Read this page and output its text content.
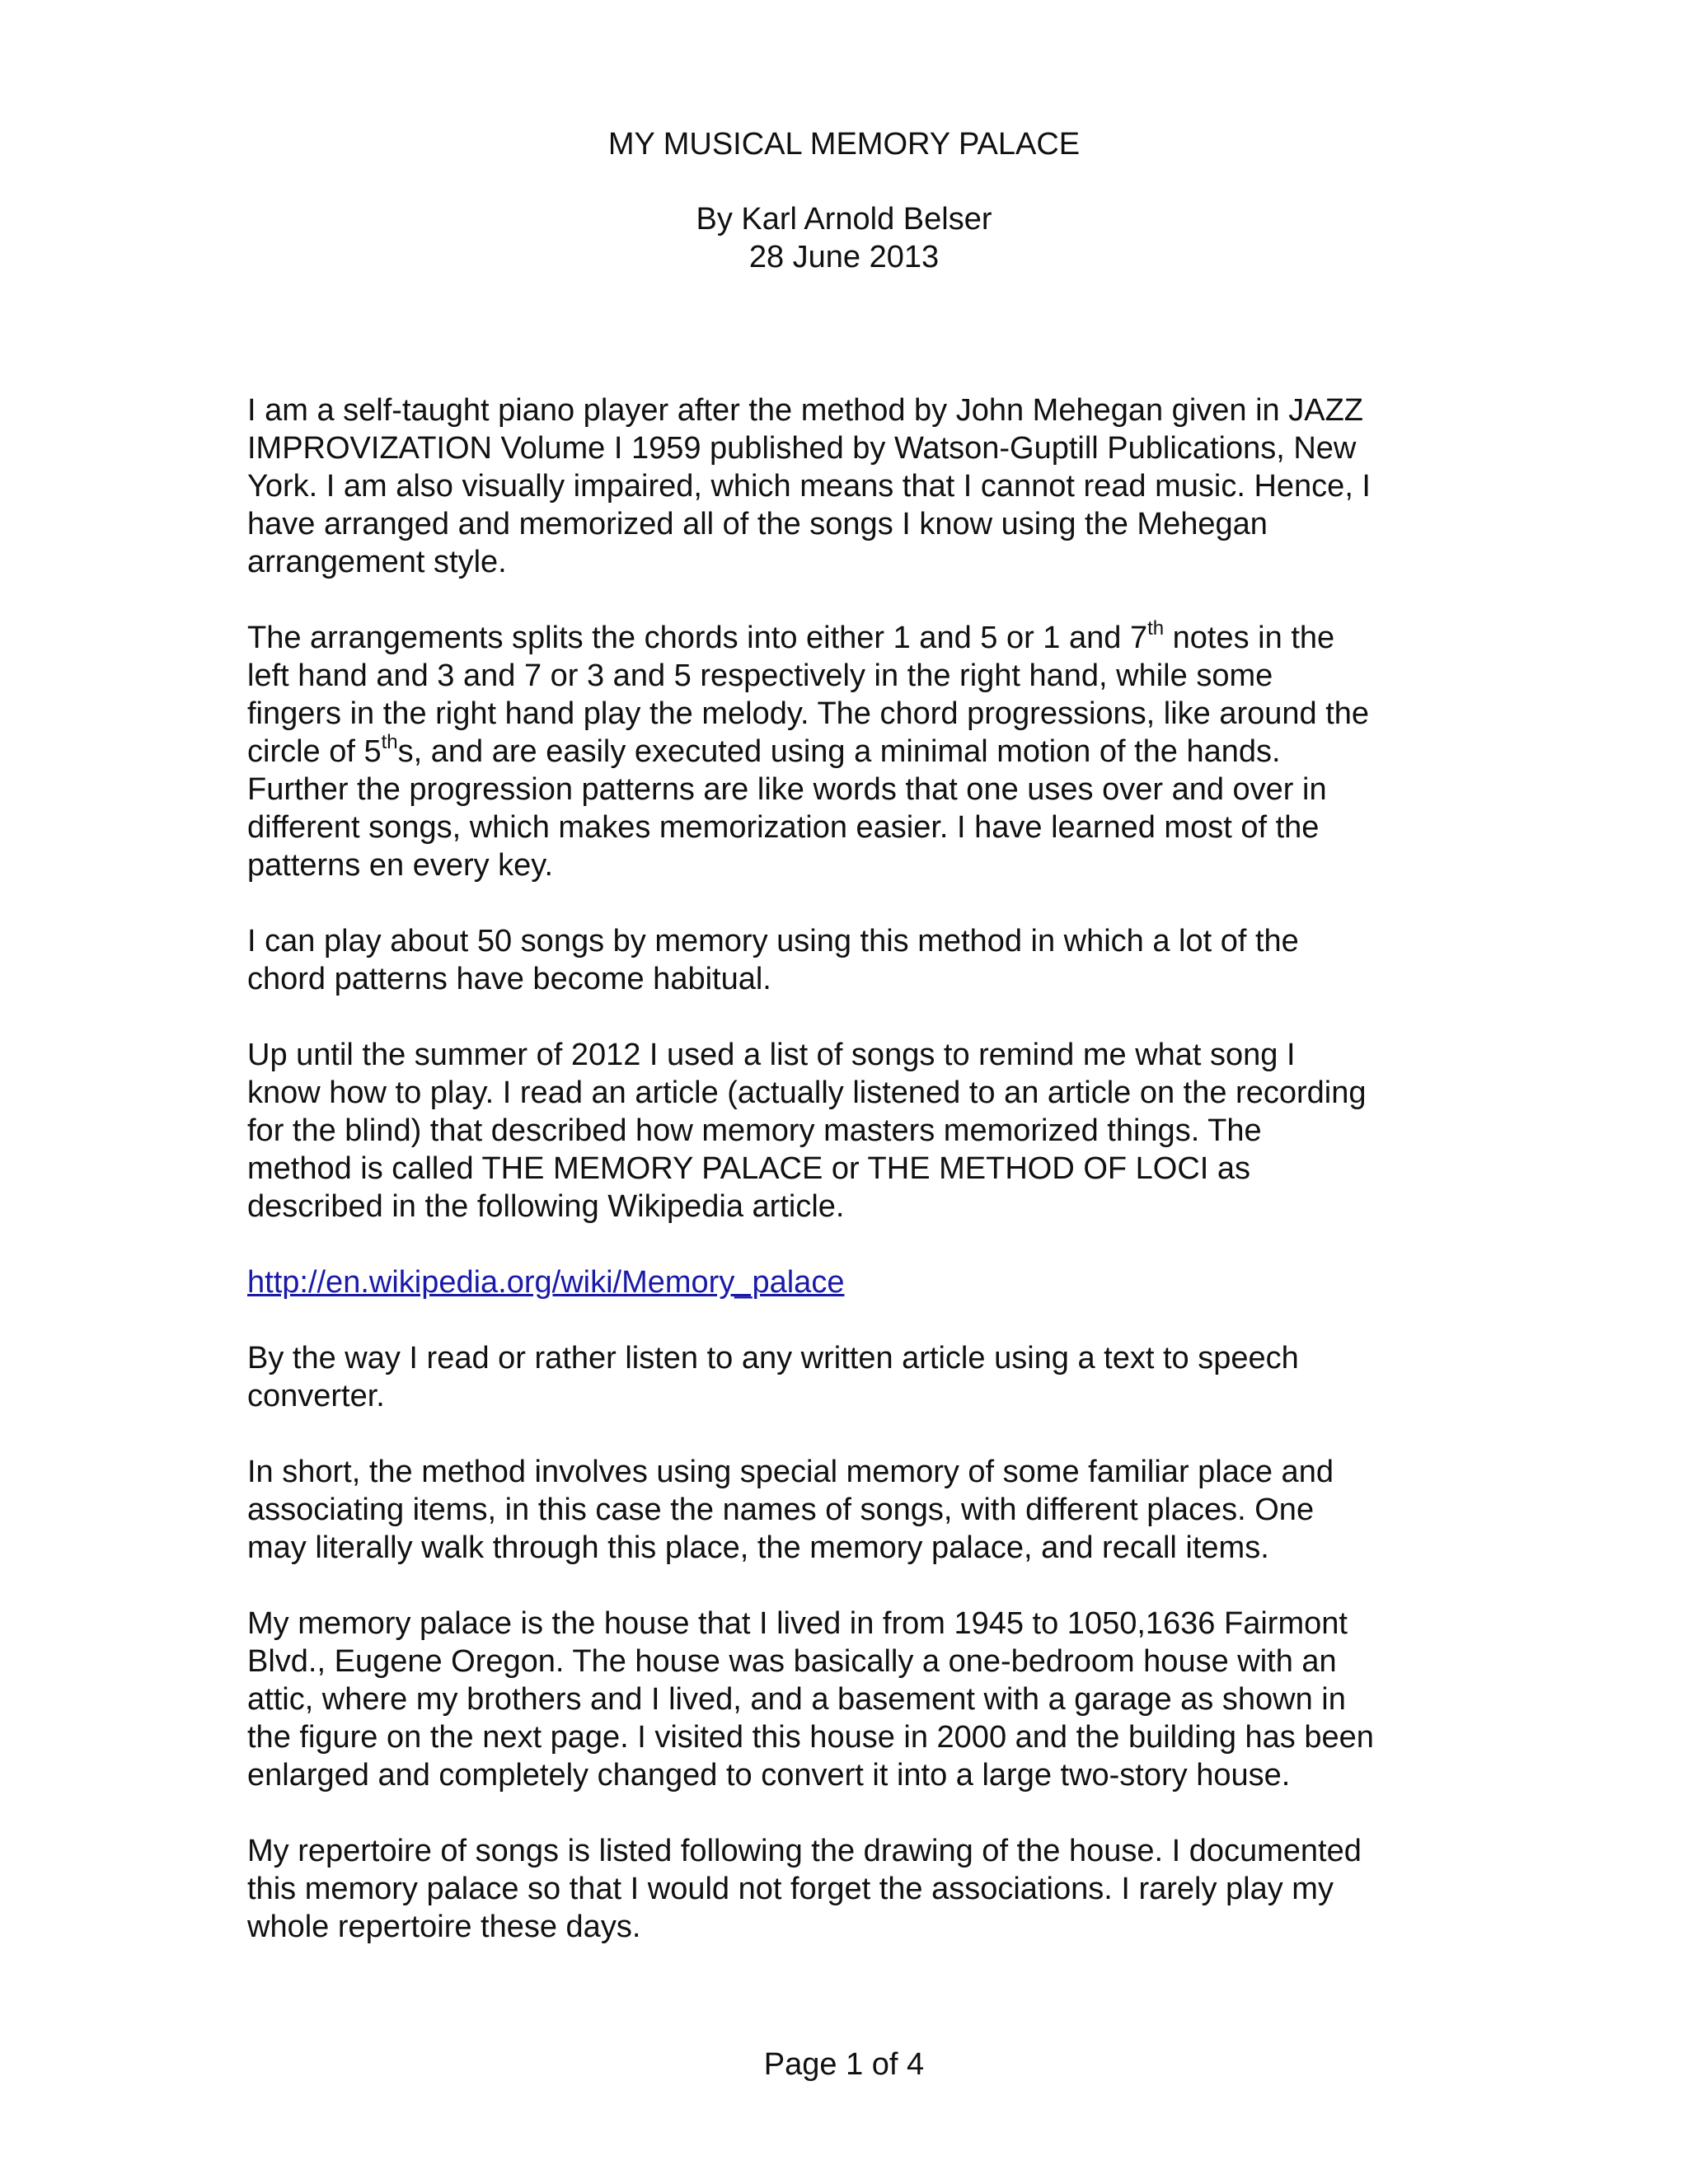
MY MUSICAL MEMORY PALACE
By Karl Arnold Belser
28 June 2013

I am a self-taught piano player after the method by John Mehegan given in JAZZ
IMPROVIZATION Volume I 1959 published by Watson-Guptill Publications, New
York. I am also visually impaired, which means that I cannot read music. Hence, I
have arranged and memorized all of the songs I know using the Mehegan
arrangement style.

The arrangements splits the chords into either 1 and 5 or 1 and 7th notes in the
left hand and 3 and 7 or 3 and 5 respectively in the right hand, while some
fingers in the right hand play the melody. The chord progressions, like around the
circle of 5ths, and are easily executed using a minimal motion of the hands.
Further the progression patterns are like words that one uses over and over in
different songs, which makes memorization easier. I have learned most of the
patterns en every key.

I can play about 50 songs by memory using this method in which a lot of the
chord patterns have become habitual.

Up until the summer of 2012 I used a list of songs to remind me what song I
know how to play. I read an article (actually listened to an article on the recording
for the blind) that described how memory masters memorized things. The
method is called THE MEMORY PALACE or THE METHOD OF LOCI as
described in the following Wikipedia article.

http://en.wikipedia.org/wiki/Memory_palace

By the way I read or rather listen to any written article using a text to speech
converter.

In short, the method involves using special memory of some familiar place and
associating items, in this case the names of songs, with different places. One
may literally walk through this place, the memory palace, and recall items.

My memory palace is the house that I lived in from 1945 to 1050,1636 Fairmont
Blvd., Eugene Oregon. The house was basically a one-bedroom house with an
attic, where my brothers and I lived, and a basement with a garage as shown in
the figure on the next page. I visited this house in 2000 and the building has been
enlarged and completely changed to convert it into a large two-story house.

My repertoire of songs is listed following the drawing of the house. I documented
this memory palace so that I would not forget the associations. I rarely play my
whole repertoire these days.

Page 1 of 4
